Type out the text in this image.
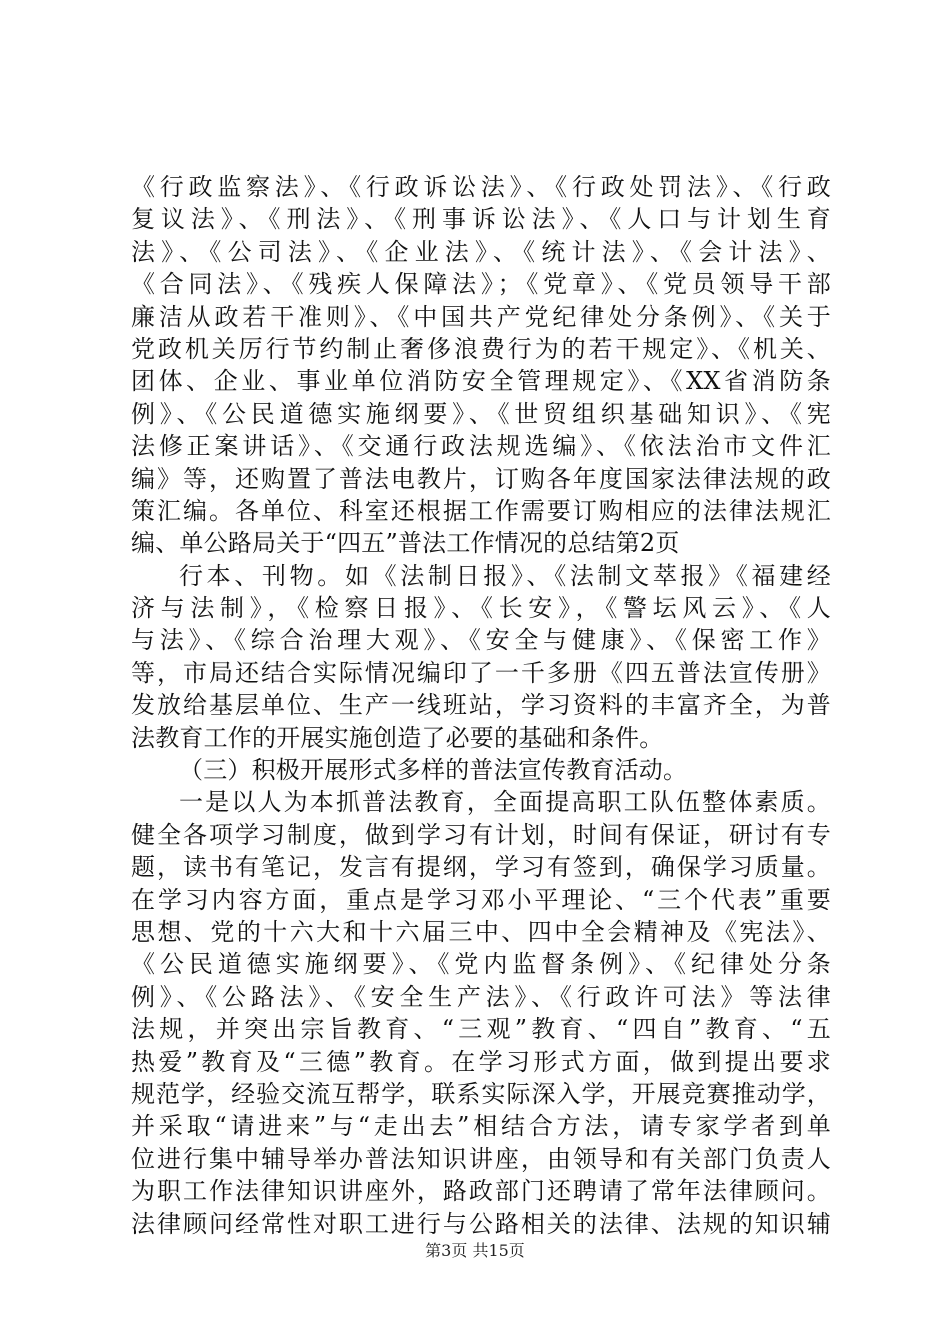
《行政监察法》、《行政诉讼法》、《行政处罚法》、《行政
复议法》、《刑法》、《刑事诉讼法》、《人口与计划生育
法》、《公司法》、《企业法》、《统计法》、《会计法》、
《合同法》、《残疾人保障法》；《党章》、《党员领导干部
廉洁从政若干准则》、《中国共产党纪律处分条例》、《关于
党政机关厉行节约制止奢侈浪费行为的若干规定》、《机关、
团体、企业、事业单位消防安全管理规定》、《XX省消防条
例》、《公民道德实施纲要》、《世贸组织基础知识》、《宪
法修正案讲话》、《交通行政法规选编》、《依法治市文件汇
编》等，还购置了普法电教片，订购各年度国家法律法规的政
策汇编。各单位、科室还根据工作需要订购相应的法律法规汇
编、单公路局关于“四五”普法工作情况的总结第2页
行本、刊物。如《法制日报》、《法制文萃报》《福建经
济与法制》，《检察日报》、《长安》，《警坛风云》、《人
与法》、《综合治理大观》、《安全与健康》、《保密工作》
等，市局还结合实际情况编印了一千多册《四五普法宣传册》
发放给基层单位、生产一线班站，学习资料的丰富齐全，为普
法教育工作的开展实施创造了必要的基础和条件。
（三）积极开展形式多样的普法宣传教育活动。
一是以人为本抓普法教育，全面提高职工队伍整体素质。
健全各项学习制度，做到学习有计划，时间有保证，研讨有专
题，读书有笔记，发言有提纲，学习有签到，确保学习质量。
在学习内容方面，重点是学习邓小平理论、“三个代表”重要
思想、党的十六大和十六届三中、四中全会精神及《宪法》、
《公民道德实施纲要》、《党内监督条例》、《纪律处分条
例》、《公路法》、《安全生产法》、《行政许可法》等法律
法规，并突出宗旨教育、“三观”教育、“四自”教育、“五
热爱”教育及“三德”教育。在学习形式方面，做到提出要求
规范学，经验交流互帮学，联系实际深入学，开展竞赛推动学，
并采取“请进来”与“走出去”相结合方法，请专家学者到单
位进行集中辅导举办普法知识讲座，由领导和有关部门负责人
为职工作法律知识讲座外，路政部门还聘请了常年法律顾问。
法律顾问经常性对职工进行与公路相关的法律、法规的知识辅
第3页 共15页
